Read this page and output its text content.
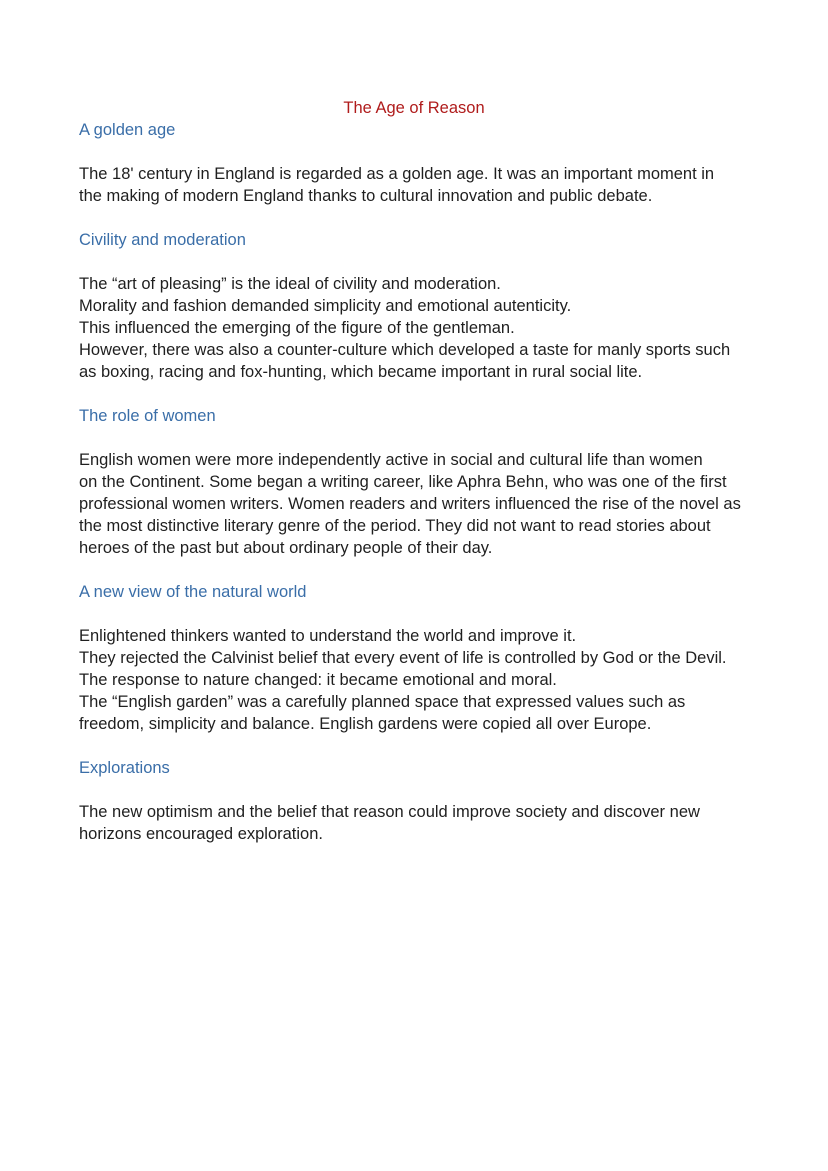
The Age of Reason
A golden age

The 18' century in England is regarded as a golden age. It was an important moment in
the making of modern England thanks to cultural innovation and public debate.

Civility and moderation

The “art of pleasing” is the ideal of civility and moderation.
Morality and fashion demanded simplicity and emotional autenticity.
This influenced the emerging of the figure of the gentleman.
However, there was also a counter-culture which developed a taste for manly sports such
as boxing, racing and fox-hunting, which became important in rural social lite.

The role of women

English women were more independently active in social and cultural life than women
on the Continent. Some began a writing career, like Aphra Behn, who was one of the first
professional women writers. Women readers and writers influenced the rise of the novel as
the most distinctive literary genre of the period. They did not want to read stories about
heroes of the past but about ordinary people of their day.

A new view of the natural world

Enlightened thinkers wanted to understand the world and improve it.
They rejected the Calvinist belief that every event of life is controlled by God or the Devil.
The response to nature changed: it became emotional and moral.
The “English garden” was a carefully planned space that expressed values such as
freedom, simplicity and balance. English gardens were copied all over Europe.

Explorations

The new optimism and the belief that reason could improve society and discover new
horizons encouraged exploration.
